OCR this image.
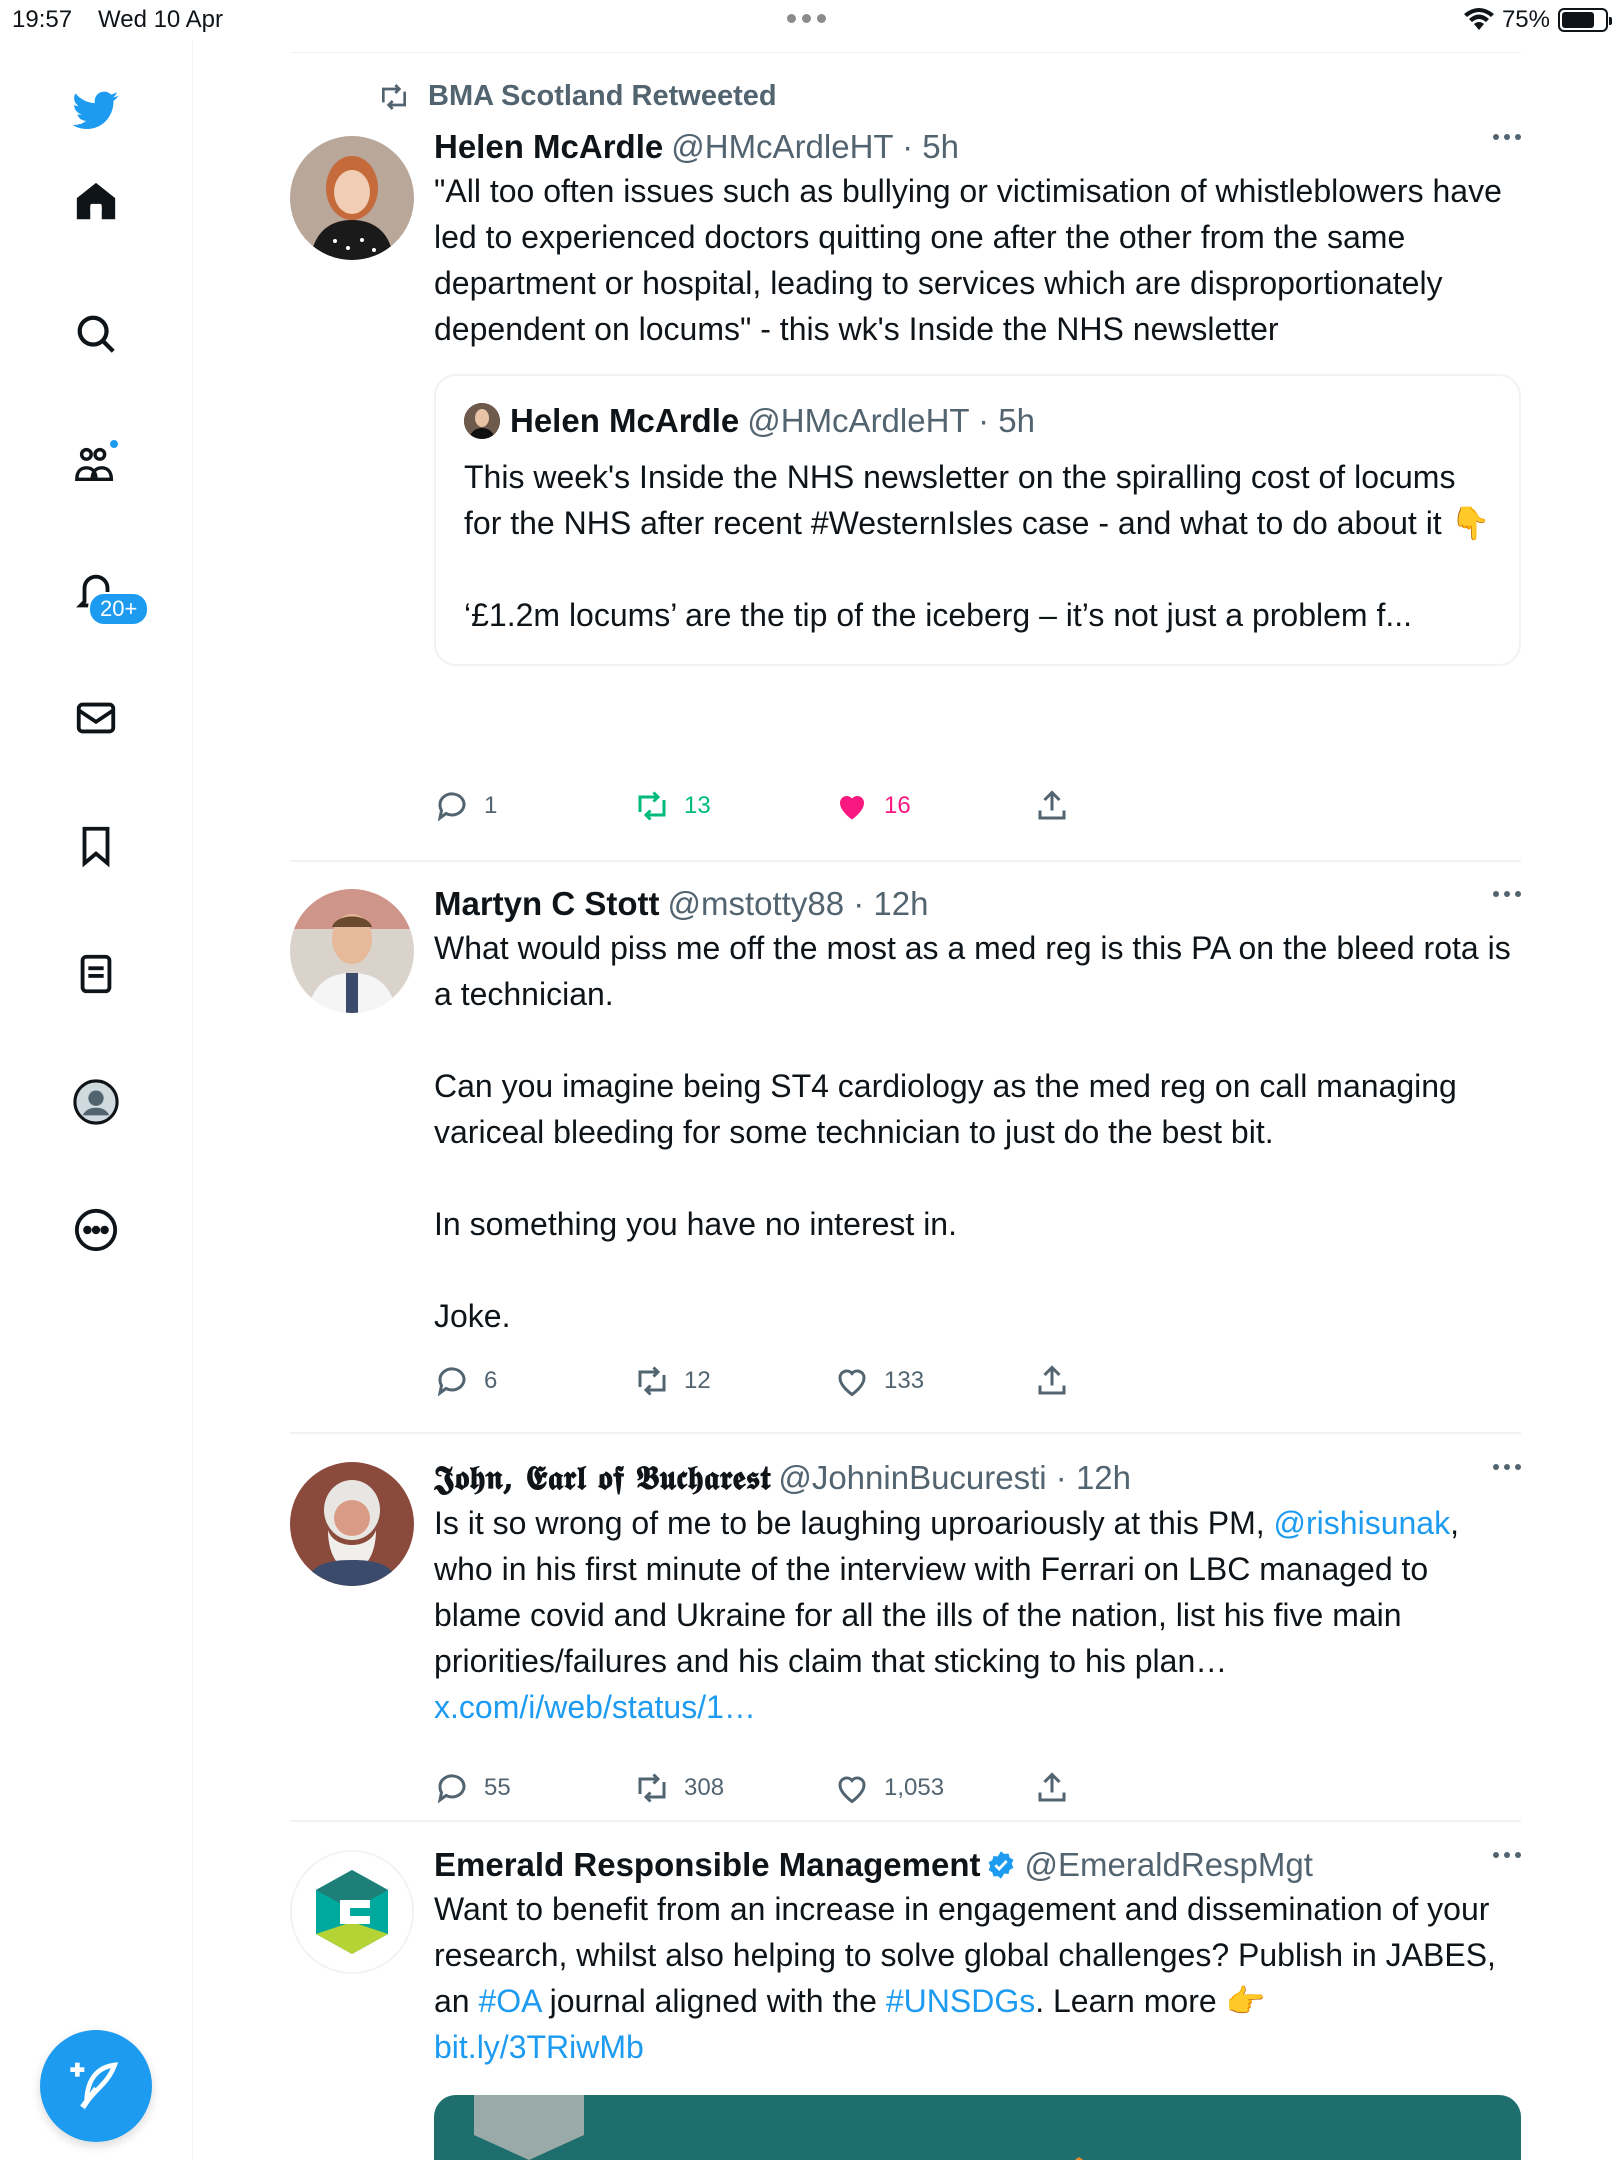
19:57 Wed 10 Apr	75%
20+
BMA Scotland Retweeted
Helen McArdle @HMcArdleHT · 5h
"All too often issues such as bullying or victimisation of whistleblowers have led to experienced doctors quitting one after the other from the same department or hospital, leading to services which are disproportionately dependent on locums" - this wk's Inside the NHS newsletter
Helen McArdle @HMcArdleHT · 5h
This week's Inside the NHS newsletter on the spiralling cost of locums for the NHS after recent #WesternIsles case - and what to do about it 👇
‘£1.2m locums’ are the tip of the iceberg – it’s not just a problem f...
1	13	16
Martyn C Stott @mstotty88 · 12h
What would piss me off the most as a med reg is this PA on the bleed rota is a technician.

Can you imagine being ST4 cardiology as the med reg on call managing variceal bleeding for some technician to just do the best bit.

In something you have no interest in.

Joke.
6	12	133
𝕵𝖔𝖍𝖓, 𝕰𝖆𝖗𝖑 𝖔𝖋 𝕭𝖚𝖈𝖍𝖆𝖗𝖊𝖘𝖙 @JohninBucuresti · 12h
Is it so wrong of me to be laughing uproariously at this PM, @rishisunak, who in his first minute of the interview with Ferrari on LBC managed to blame covid and Ukraine for all the ills of the nation, list his five main priorities/failures and his claim that sticking to his plan… x.com/i/web/status/1…
55	308	1,053
Emerald Responsible Management @EmeraldRespMgt
Want to benefit from an increase in engagement and dissemination of your research, whilst also helping to solve global challenges? Publish in JABES, an #OA journal aligned with the #UNSDGs. Learn more 👉
bit.ly/3TRiwMb
